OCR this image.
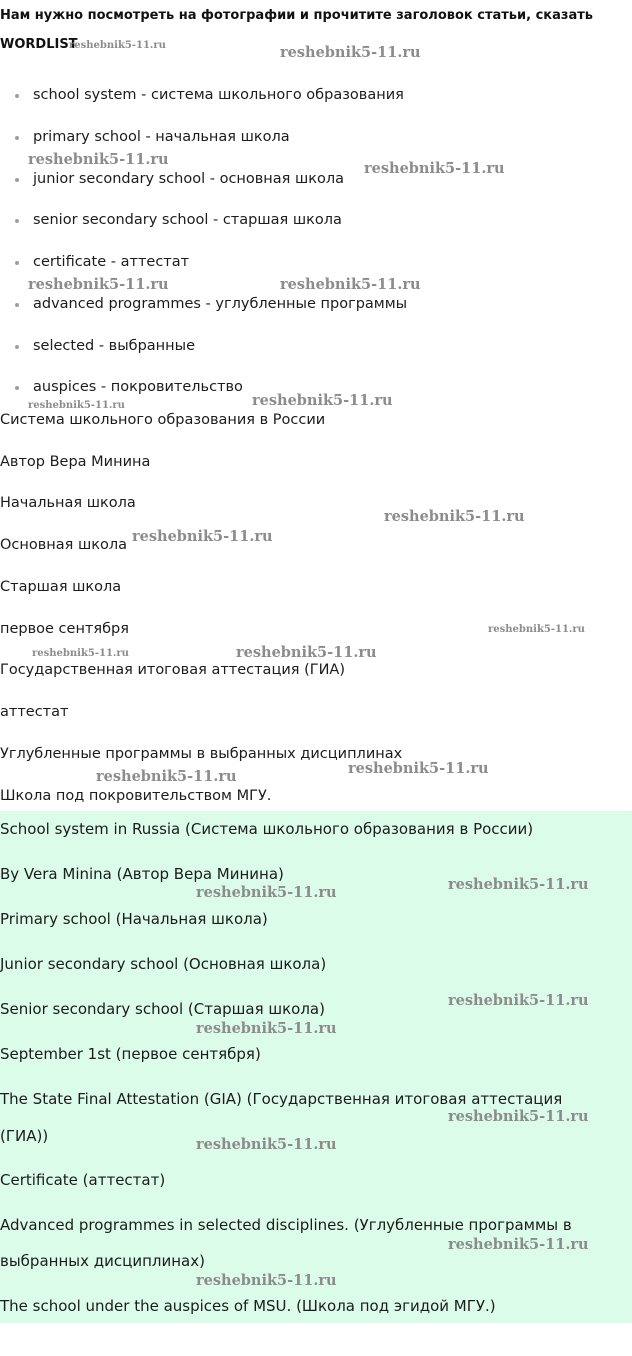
Нам нужно посмотреть на фотографии и прочитите заголовок статьи, сказать
WORDLIST
school system - система школьного образования
primary school - начальная школа
junior secondary school - основная школа
senior secondary school - старшая школа
certificate - аттестат
advanced programmes - углубленные программы
selected - выбранные
auspices - покровительство
Система школьного образования в России
Автор Вера Минина
Начальная школа
Основная школа
Старшая школа
первое сентября
Государственная итоговая аттестация (ГИА)
аттестат
Углубленные программы в выбранных дисциплинах
Школа под покровительством МГУ.
School system in Russia (Система школьного образования в России)
By Vera Minina (Автор Вера Минина)
Primary school (Начальная школа)
Junior secondary school (Основная школа)
Senior secondary school (Старшая школа)
September 1st (первое сентября)
The State Final Attestation (GIA) (Государственная итоговая аттестация
(ГИА))
Certificate (аттестат)
Advanced programmes in selected disciplines. (Углубленные программы в
выбранных дисциплинах)
The school under the auspices of MSU. (Школа под эгидой МГУ.)
reshebnik5-11.ru	reshebnik5-11.ru
reshebnik5-11.ru
reshebnik5-11.ru
reshebnik5-11.ru	reshebnik5-11.ru
reshebnik5-11.ru	reshebnik5-11.ru
reshebnik5-11.ru
reshebnik5-11.ru
reshebnik5-11.ru
reshebnik5-11.ru	reshebnik5-11.ru
reshebnik5-11.ru
reshebnik5-11.ru
reshebnik5-11.ru
reshebnik5-11.ru
reshebnik5-11.ru
reshebnik5-11.ru
reshebnik5-11.ru
reshebnik5-11.ru
reshebnik5-11.ru
reshebnik5-11.ru
